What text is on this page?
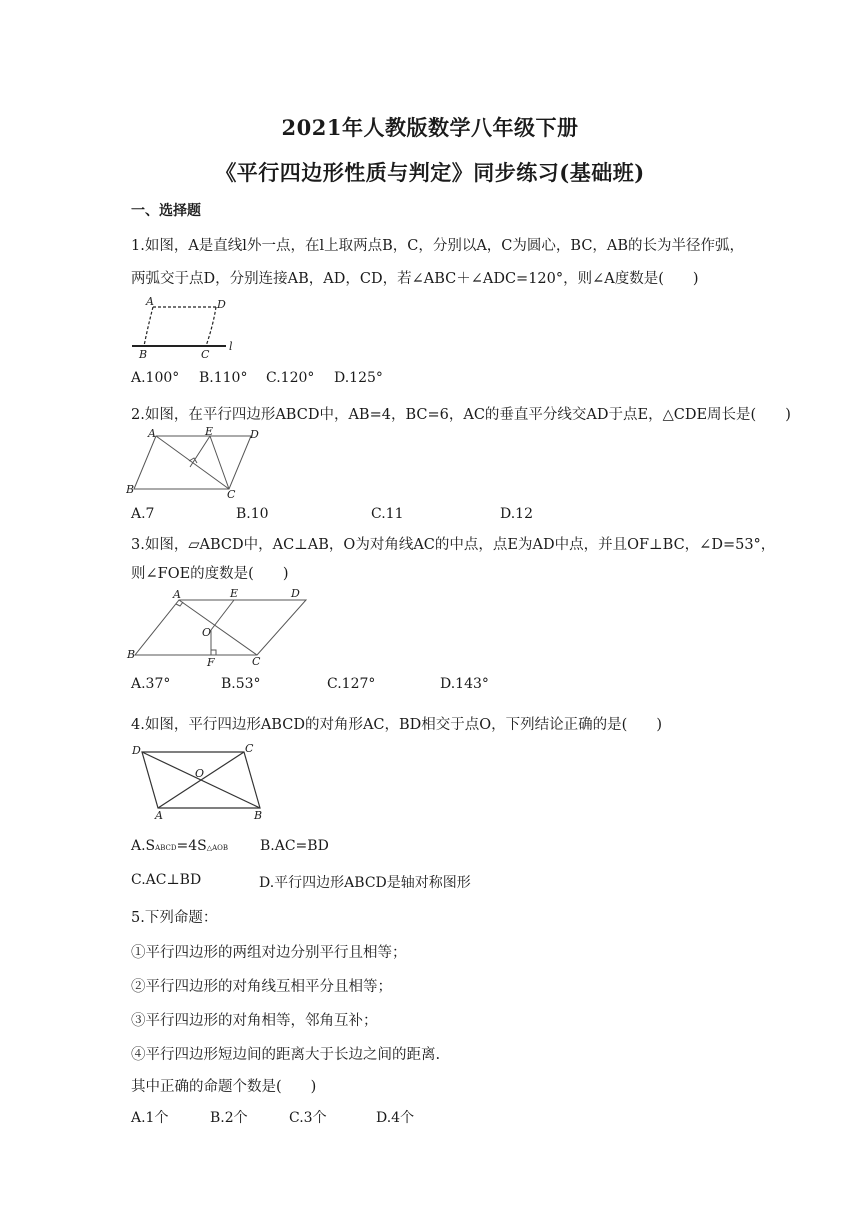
2021年人教版数学八年级下册
《平行四边形性质与判定》同步练习(基础班)
一、选择题
1.如图，A是直线l外一点，在l上取两点B，C，分别以A，C为圆心，BC，AB的长为半径作弧，
两弧交于点D，分别连接AB，AD，CD，若∠ABC＋∠ADC=120°，则∠A度数是(　　)
A	D
B	C
l
A.100° B.110° C.120° D.125°
2.如图，在平行四边形ABCD中，AB=4，BC=6，AC的垂直平分线交AD于点E，△CDE周长是(　　)
A	E	D
B	C
A.7	B.10	C.11	D.12
3.如图，▱ABCD中，AC⊥AB，O为对角线AC的中点，点E为AD中点，并且OF⊥BC，∠D=53°，
则∠FOE的度数是(　　)
A	E	D
O
B
F	C
A.37°	B.53°	C.127°	D.143°
4.如图，平行四边形ABCD的对角形AC，BD相交于点O，下列结论正确的是(　　)
D	C
O
A	B
A.SABCD=4S△AOB B.AC=BD
C.AC⊥BD	D.平行四边形ABCD是轴对称图形
5.下列命题：
①平行四边形的两组对边分别平行且相等；
②平行四边形的对角线互相平分且相等；
③平行四边形的对角相等，邻角互补；
④平行四边形短边间的距离大于长边之间的距离.
其中正确的命题个数是(　　)
A.1个	B.2个	C.3个	D.4个
